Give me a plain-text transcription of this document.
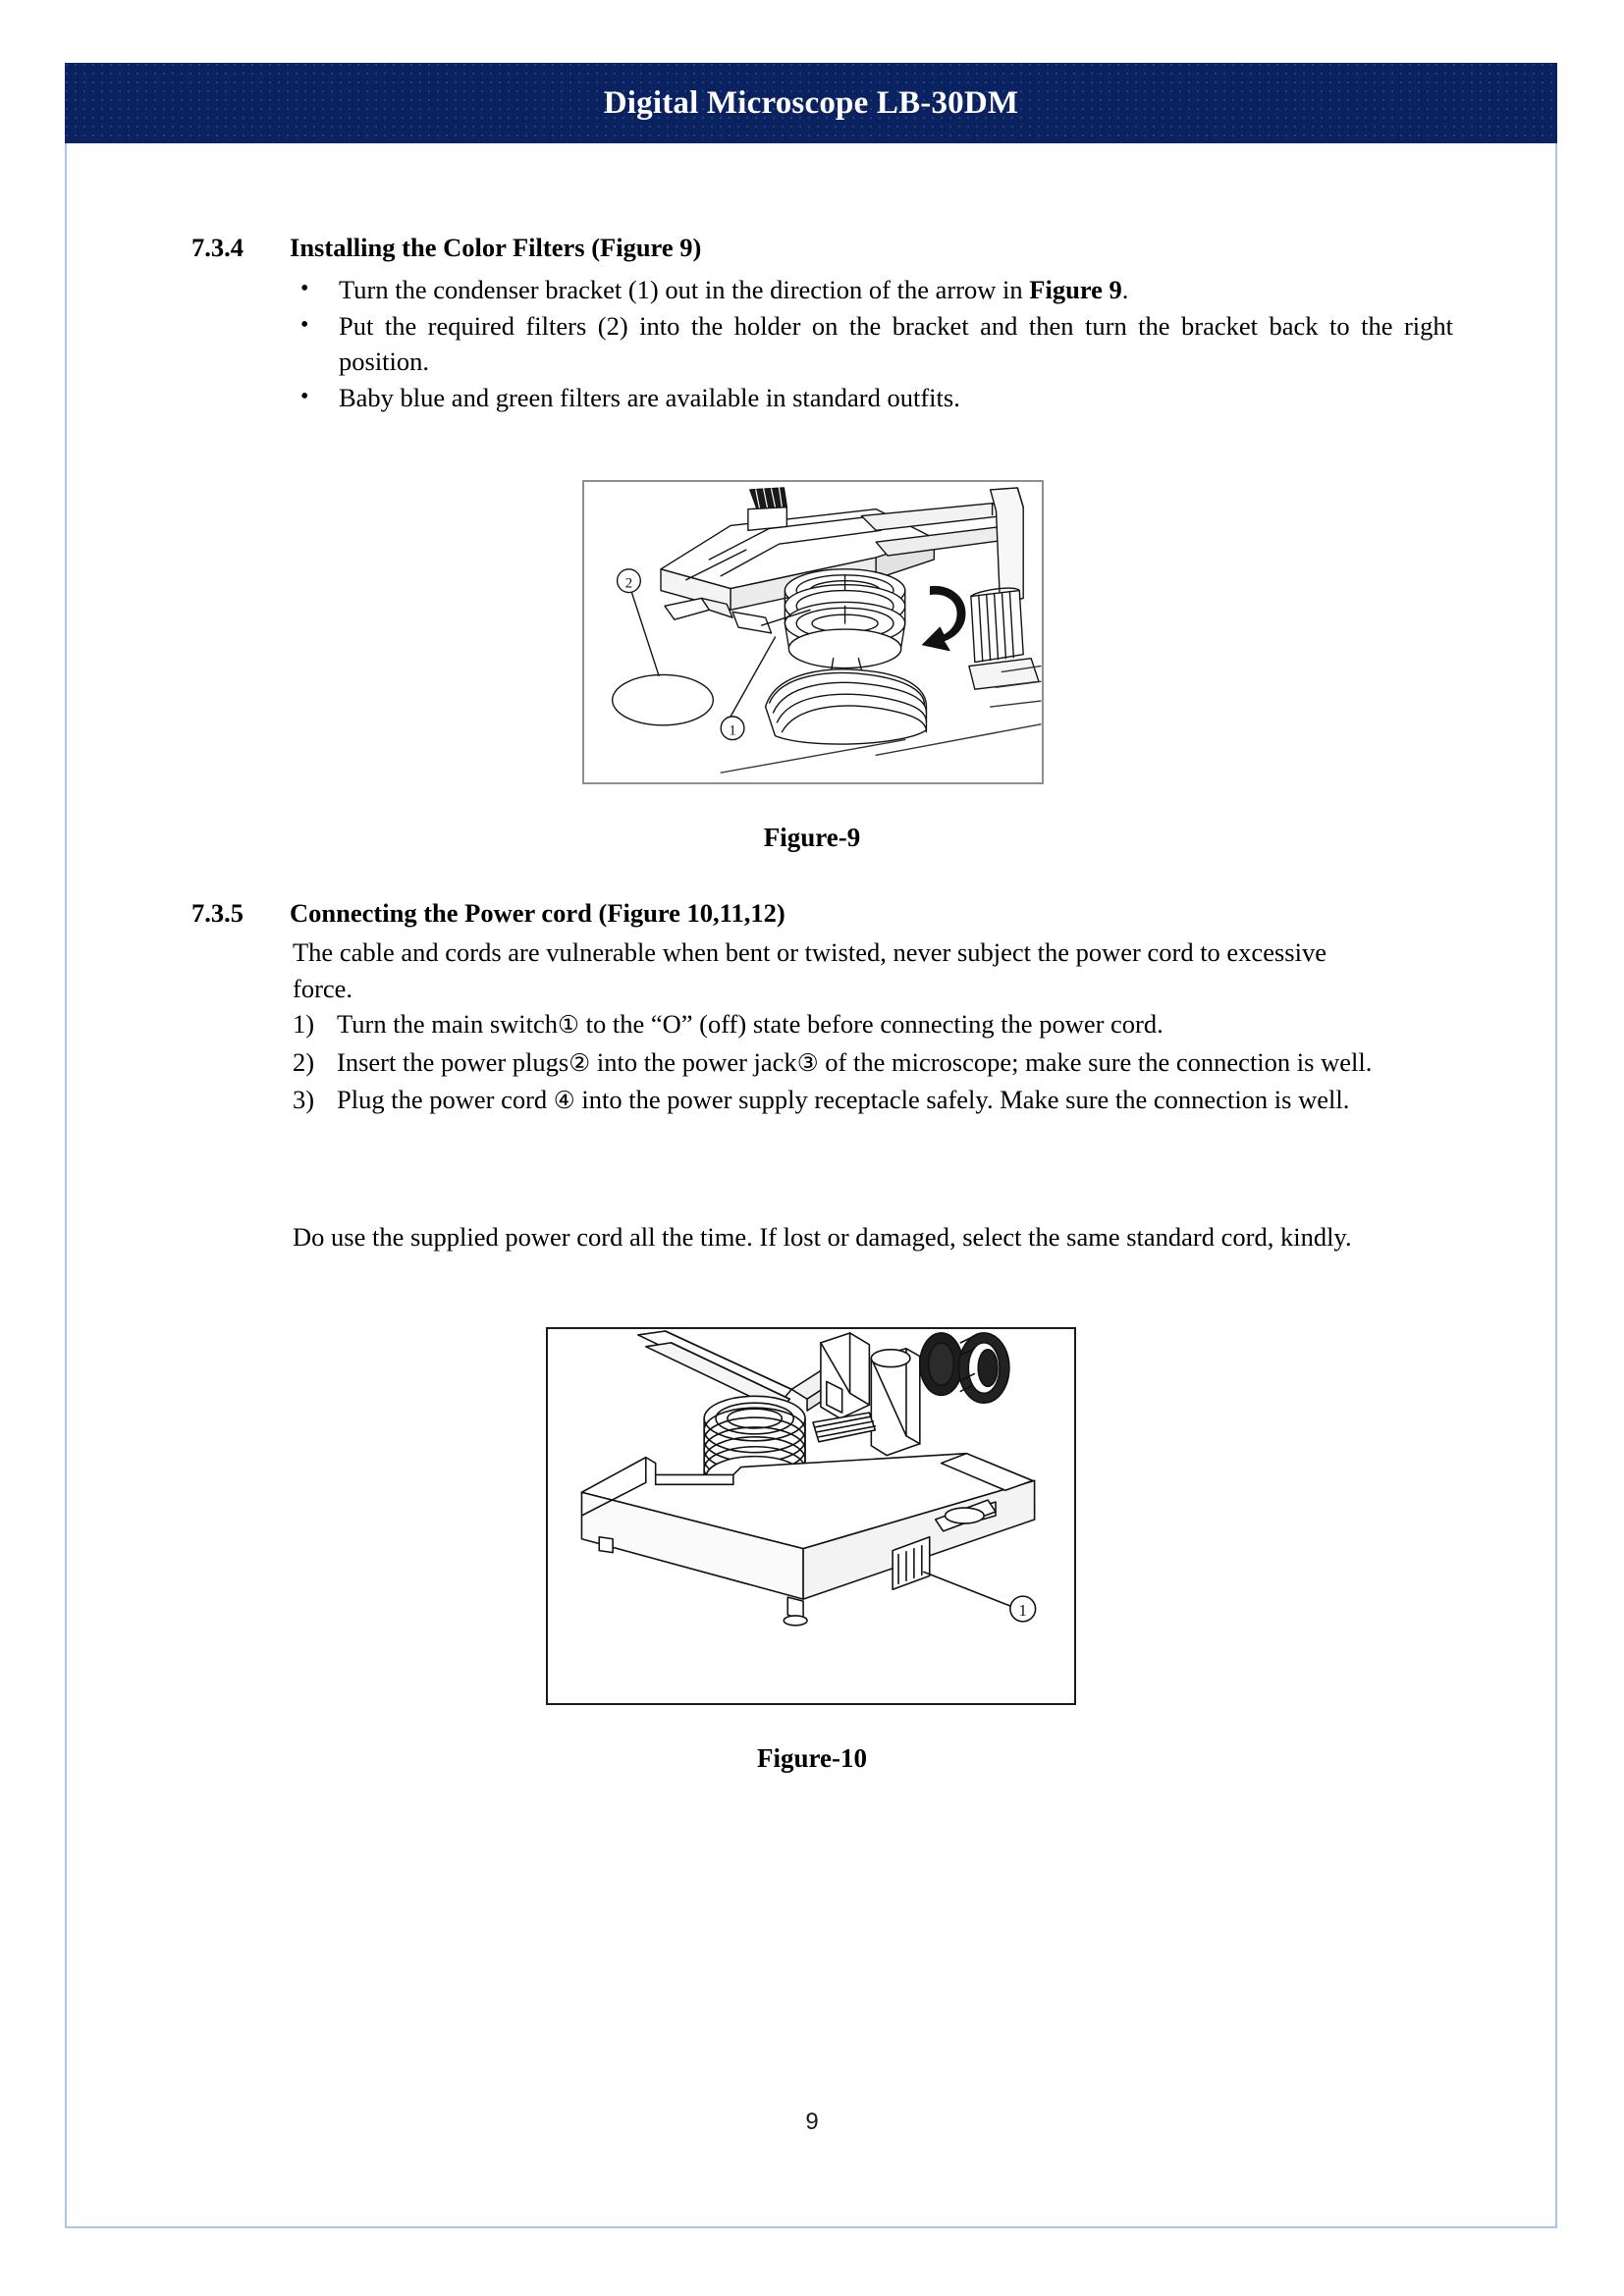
Digital Microscope LB-30DM
7.3.4	Installing the Color Filters (Figure 9)
• Turn the condenser bracket (1) out in the direction of the arrow in Figure 9.
• Put the required filters (2) into the holder on the bracket and then turn the bracket back to the right position.
• Baby blue and green filters are available in standard outfits.
2
1
Figure-9
7.3.5	Connecting the Power cord (Figure 10,11,12)
The cable and cords are vulnerable when bent or twisted, never subject the power cord to excessive force.
1) Turn the main switch① to the “O” (off) state before connecting the power cord.
2) Insert the power plugs② into the power jack③ of the microscope; make sure the connection is well.
3) Plug the power cord ④ into the power supply receptacle safely. Make sure the connection is well.
Do use the supplied power cord all the time. If lost or damaged, select the same standard cord, kindly.
1
Figure-10
9
